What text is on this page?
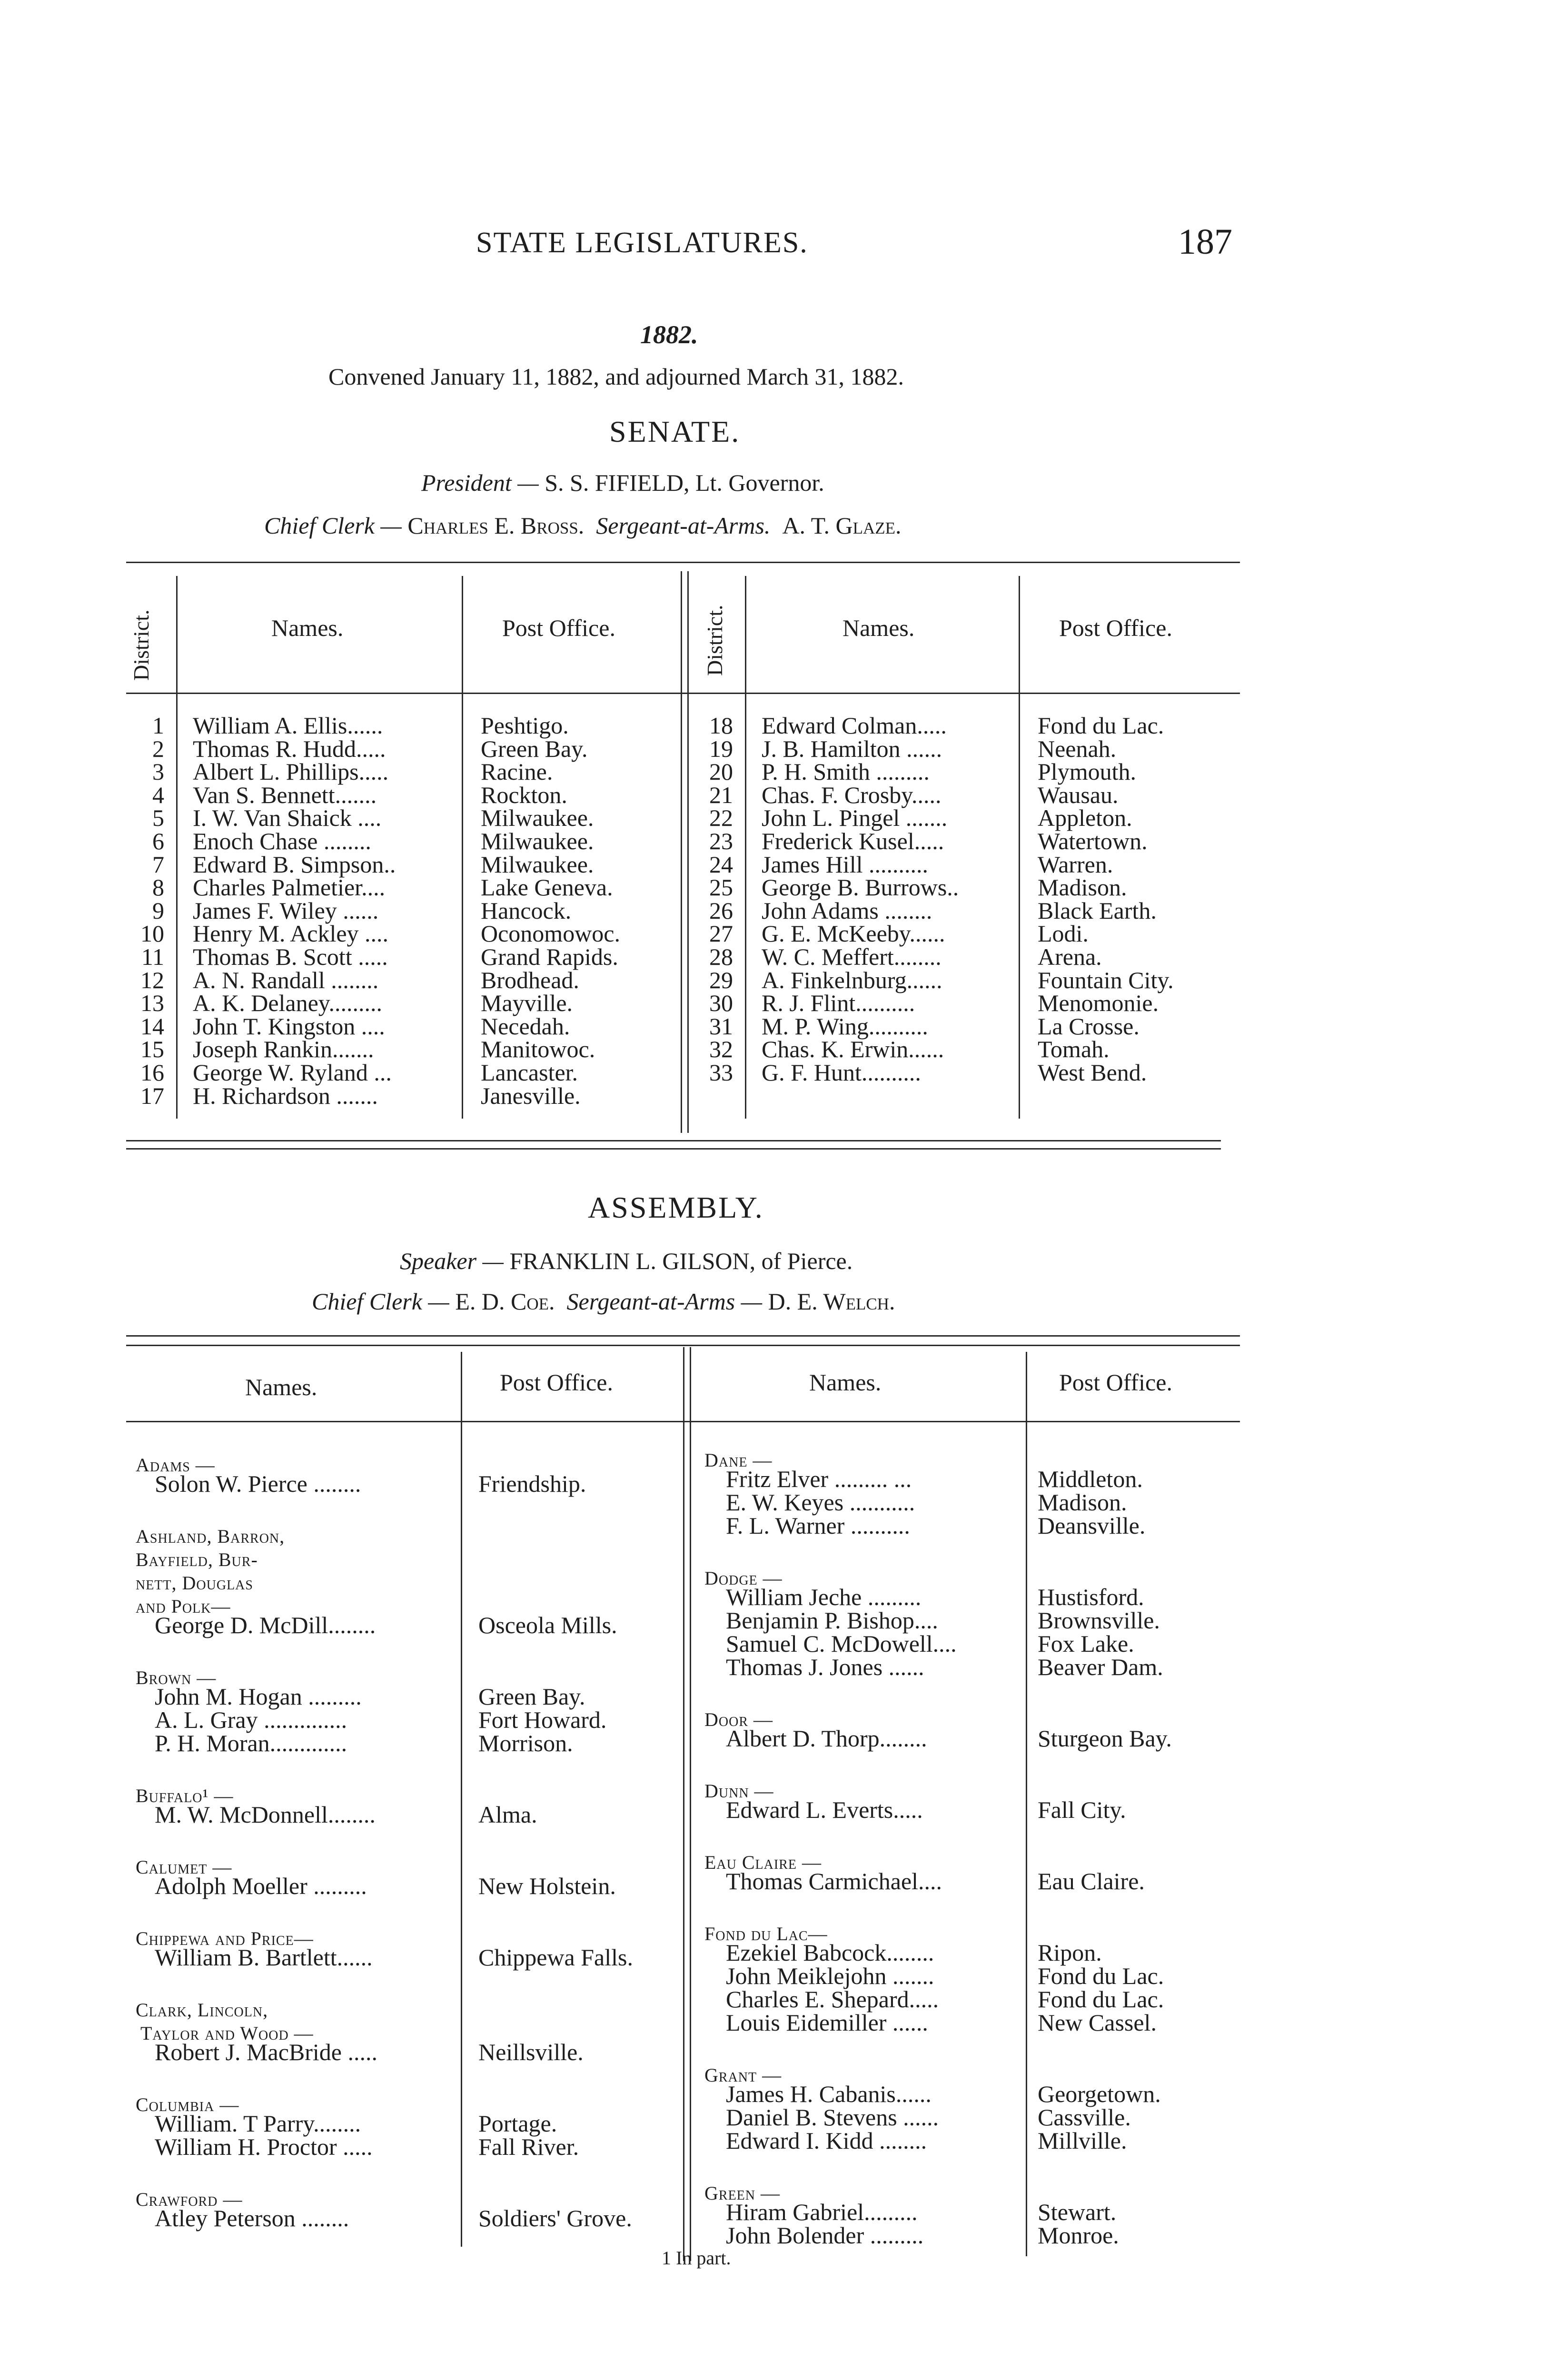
STATE LEGISLATURES.	187
1882.
Convened January 11, 1882, and adjourned March 31, 1882.
SENATE.
President — S. S. FIFIELD, Lt. Governor.
Chief Clerk — Charles E. Bross. Sergeant-at-Arms. A. T. Glaze.
District.	Names.	Post Office.	District.	Names.	Post Office.
1 William A. Ellis......	Peshtigo.
2 Thomas R. Hudd.....	Green Bay.
3 Albert L. Phillips.....	Racine.
4 Van S. Bennett.......	Rockton.
5 I. W. Van Shaick ....	Milwaukee.
6 Enoch Chase ........	Milwaukee.
7 Edward B. Simpson..	Milwaukee.
8 Charles Palmetier....	Lake Geneva.
9 James F. Wiley ......	Hancock.
10 Henry M. Ackley ....	Oconomowoc.
11 Thomas B. Scott .....	Grand Rapids.
12 A. N. Randall ........	Brodhead.
13 A. K. Delaney.........	Mayville.
14 John T. Kingston ....	Necedah.
15 Joseph Rankin.......	Manitowoc.
16 George W. Ryland ...	Lancaster.
17 H. Richardson .......	Janesville.
18 Edward Colman.....	Fond du Lac.
19 J. B. Hamilton ......	Neenah.
20 P. H. Smith .........	Plymouth.
21 Chas. F. Crosby.....	Wausau.
22 John L. Pingel .......	Appleton.
23 Frederick Kusel.....	Watertown.
24 James Hill ..........	Warren.
25 George B. Burrows..	Madison.
26 John Adams ........	Black Earth.
27 G. E. McKeeby......	Lodi.
28 W. C. Meffert........	Arena.
29 A. Finkelnburg......	Fountain City.
30 R. J. Flint..........	Menomonie.
31 M. P. Wing..........	La Crosse.
32 Chas. K. Erwin......	Tomah.
33 G. F. Hunt..........	West Bend.
ASSEMBLY.
Speaker — FRANKLIN L. GILSON, of Pierce.
Chief Clerk — E. D. Coe. Sergeant-at-Arms — D. E. Welch.
Names.	Post Office.	Names.	Post Office.
Adams —
Solon W. Pierce ........	Friendship.
Ashland, Barron,
Bayfield, Bur-
nett, Douglas
and Polk—
George D. McDill........	Osceola Mills.
Brown —
John M. Hogan .........	Green Bay.
A. L. Gray ..............	Fort Howard.
P. H. Moran.............	Morrison.
Buffalo¹ —
M. W. McDonnell........	Alma.
Calumet —
Adolph Moeller .........	New Holstein.
Chippewa and Price—
William B. Bartlett......	Chippewa Falls.
Clark, Lincoln,
Taylor and Wood —
Robert J. MacBride .....	Neillsville.
Columbia —
William. T Parry........	Portage.
William H. Proctor .....	Fall River.
Crawford —
Atley Peterson ........	Soldiers' Grove.
Dane —
Fritz Elver ......... ...	Middleton.
E. W. Keyes ...........	Madison.
F. L. Warner ..........	Deansville.
Dodge —
William Jeche .........	Hustisford.
Benjamin P. Bishop....	Brownsville.
Samuel C. McDowell....	Fox Lake.
Thomas J. Jones ......	Beaver Dam.
Door —
Albert D. Thorp........	Sturgeon Bay.
Dunn —
Edward L. Everts.....	Fall City.
Eau Claire —
Thomas Carmichael....	Eau Claire.
Fond du Lac—
Ezekiel Babcock........	Ripon.
John Meiklejohn .......	Fond du Lac.
Charles E. Shepard.....	Fond du Lac.
Louis Eidemiller ......	New Cassel.
Grant —
James H. Cabanis......	Georgetown.
Daniel B. Stevens ......	Cassville.
Edward I. Kidd ........	Millville.
Green —
Hiram Gabriel.........	Stewart.
John Bolender .........	Monroe.
1 In part.
